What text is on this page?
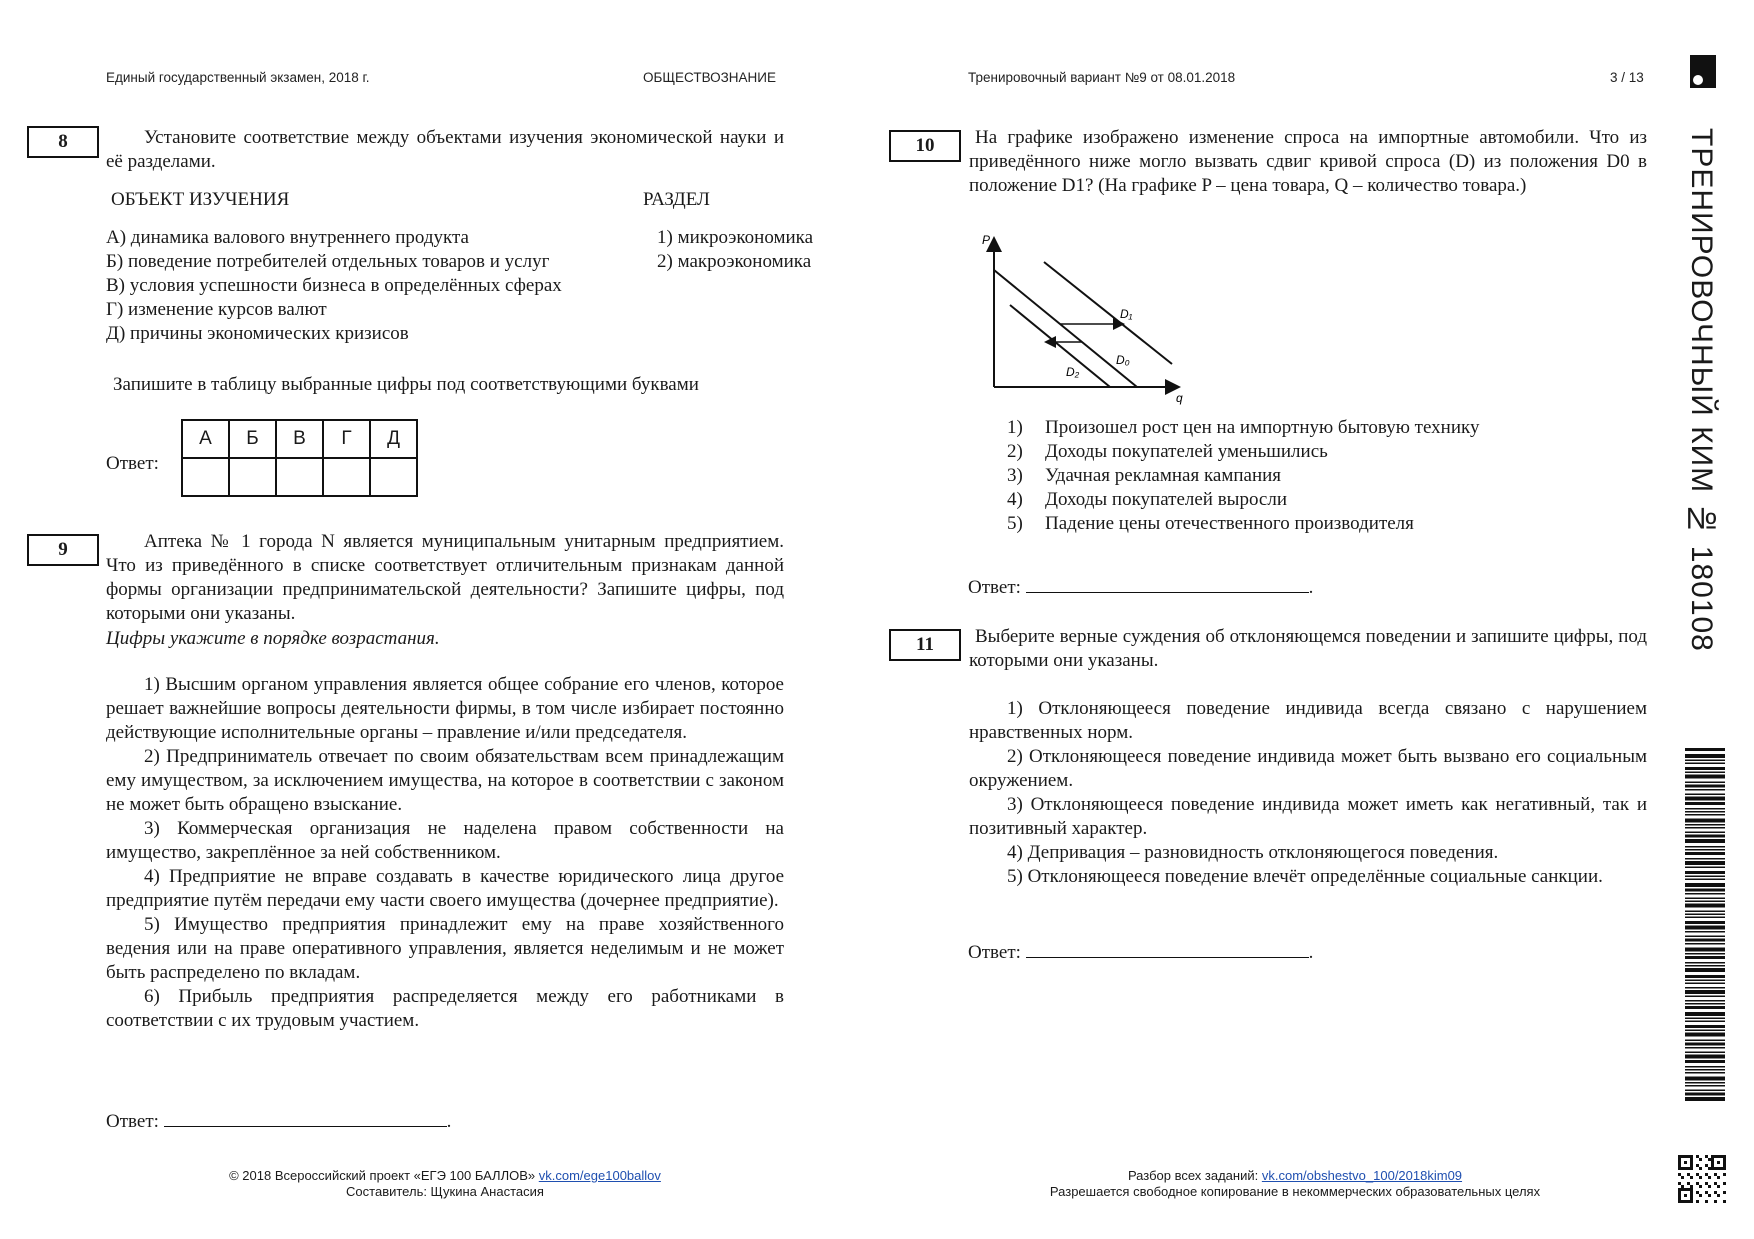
Единый государственный экзамен, 2018 г.	ОБЩЕСТВОЗНАНИЕ	Тренировочный вариант №9 от 08.01.2018	3 / 13
ТРЕНИРОВОЧНЫЙ КИМ № 180108
8	Установите соответствие между объектами изучения экономической науки и её разделами.
ОБЪЕКТ ИЗУЧЕНИЯ	РАЗДЕЛ
А) динамика валового внутреннего продукта
Б) поведение потребителей отдельных товаров и услуг
В) условия успешности бизнеса в определённых сферах
Г) изменение курсов валют
Д) причины экономических кризисов
1) микроэкономика
2) макроэкономика
Запишите в таблицу выбранные цифры под соответствующими буквами
Ответ:
А	Б	В	Г	Д

9	Аптека № 1 города N является муниципальным унитарным предприятием. Что из приведённого в списке соответствует отличительным признакам данной формы организации предпринимательской деятельности? Запишите цифры, под которыми они указаны.
Цифры укажите в порядке возрастания.
1) Высшим органом управления является общее собрание его членов, которое решает важнейшие вопросы деятельности фирмы, в том числе избирает постоянно действующие исполнительные органы – правление и/или председателя.
2) Предприниматель отвечает по своим обязательствам всем принадлежащим ему имуществом, за исключением имущества, на которое в соответствии с законом не может быть обращено взыскание.
3) Коммерческая организация не наделена правом собственности на имущество, закреплённое за ней собственником.
4) Предприятие не вправе создавать в качестве юридического лица другое предприятие путём передачи ему части своего имущества (дочернее предприятие).
5) Имущество предприятия принадлежит ему на праве хозяйственного ведения или на праве оперативного управления, является неделимым и не может быть распределено по вкладам.
6) Прибыль предприятия распределяется между его работниками в соответствии с их трудовым участием.
Ответ:	.
10	На графике изображено изменение спроса на импортные автомобили. Что из приведённого ниже могло вызвать сдвиг кривой спроса (D) из положения D0 в положение D1? (На графике P – цена товара, Q – количество товара.)
P
q
D₁
D₀
D₂
1)	Произошел рост цен на импортную бытовую технику
2)	Доходы покупателей уменьшились
3)	Удачная рекламная кампания
4)	Доходы покупателей выросли
5)	Падение цены отечественного производителя
Ответ:	.
11	Выберите верные суждения об отклоняющемся поведении и запишите цифры, под которыми они указаны.
1) Отклоняющееся поведение индивида всегда связано с нарушением нравственных норм.
2) Отклоняющееся поведение индивида может быть вызвано его социальным окружением.
3) Отклоняющееся поведение индивида может иметь как негативный, так и позитивный характер.
4) Депривация – разновидность отклоняющегося поведения.
5) Отклоняющееся поведение влечёт определённые социальные санкции.
Ответ:	.
© 2018 Всероссийский проект «ЕГЭ 100 БАЛЛОВ» vk.com/ege100ballov
Составитель: Щукина Анастасия
Разбор всех заданий: vk.com/obshestvo_100/2018kim09
Разрешается свободное копирование в некоммерческих образовательных целях
